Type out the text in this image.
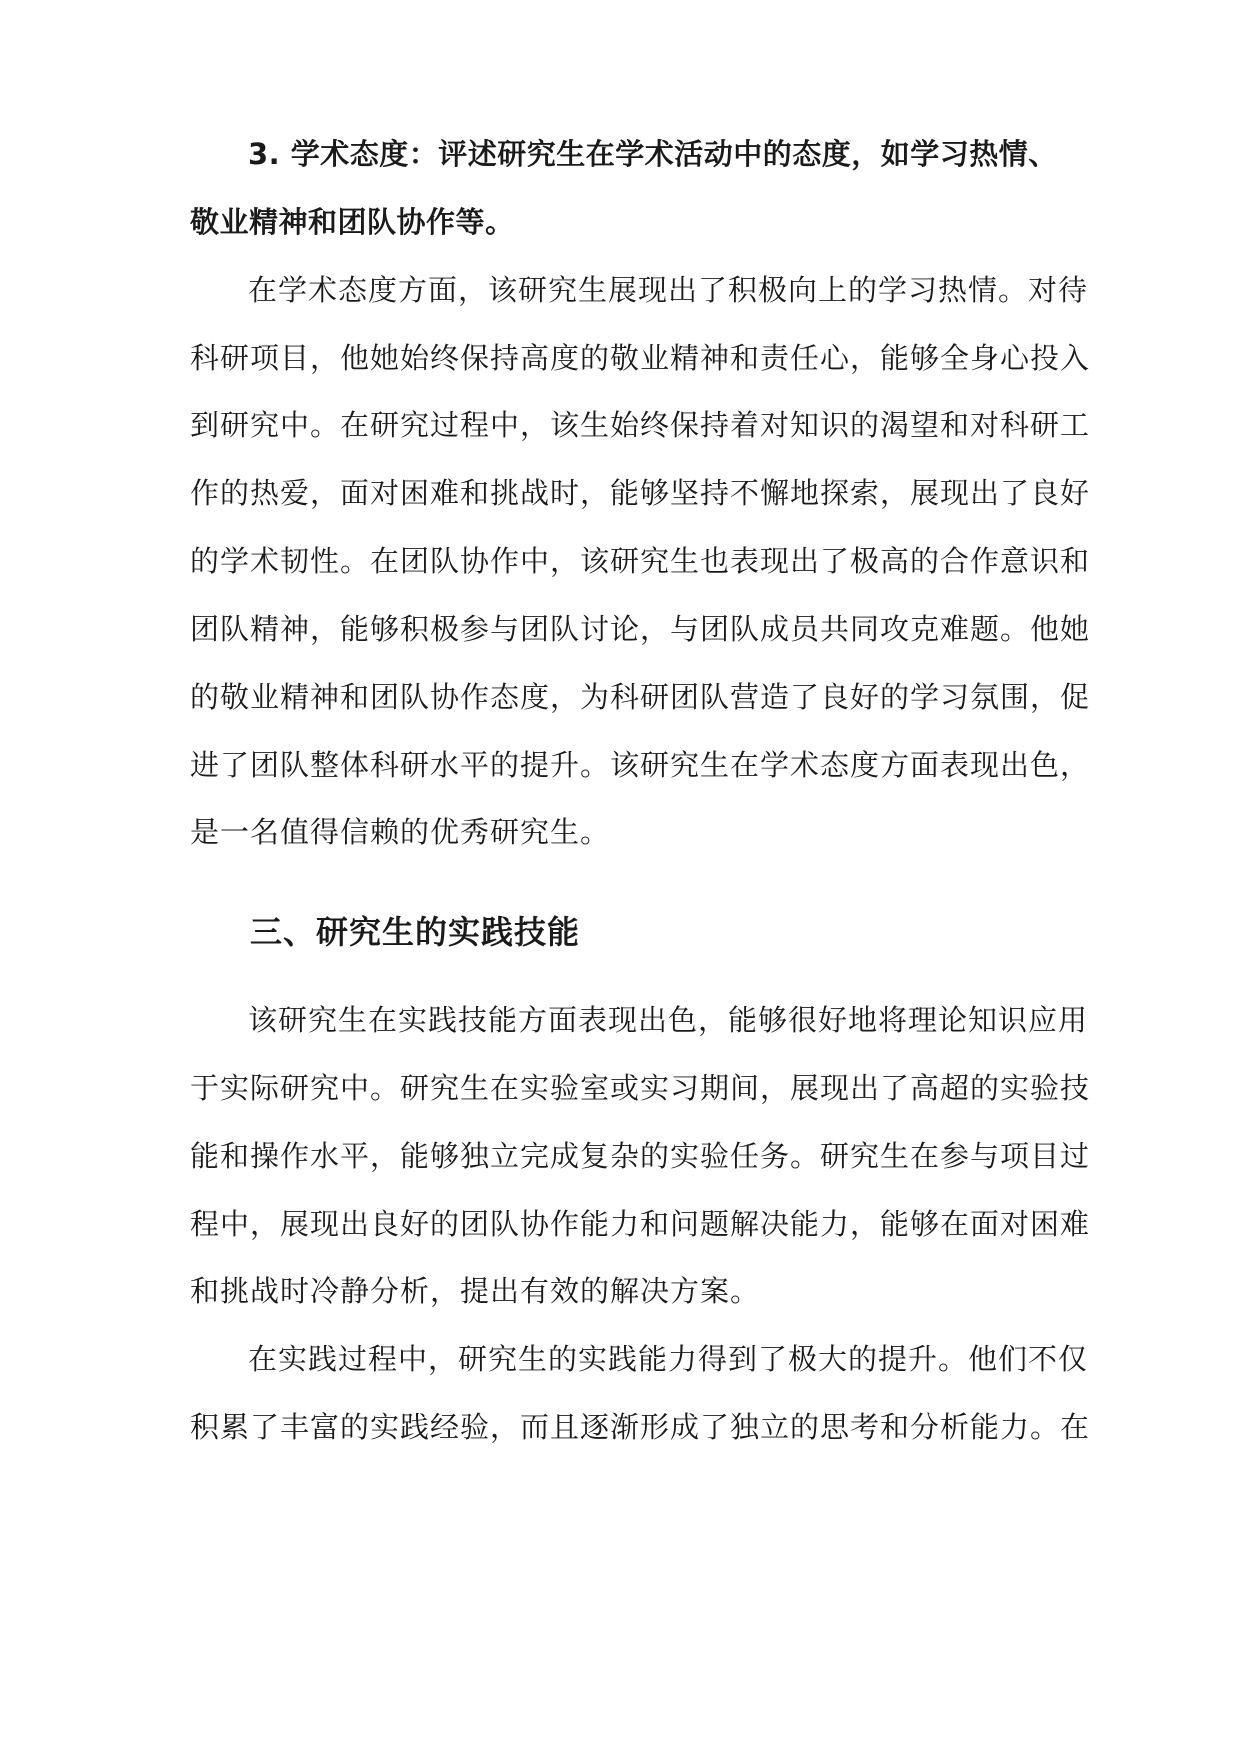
3. 学术态度：评述研究生在学术活动中的态度，如学习热情、
敬业精神和团队协作等。
在学术态度方面，该研究生展现出了积极向上的学习热情。对待
科研项目，他她始终保持高度的敬业精神和责任心，能够全身心投入
到研究中。在研究过程中，该生始终保持着对知识的渴望和对科研工
作的热爱，面对困难和挑战时，能够坚持不懈地探索，展现出了良好
的学术韧性。在团队协作中，该研究生也表现出了极高的合作意识和
团队精神，能够积极参与团队讨论，与团队成员共同攻克难题。他她
的敬业精神和团队协作态度，为科研团队营造了良好的学习氛围，促
进了团队整体科研水平的提升。该研究生在学术态度方面表现出色，
是一名值得信赖的优秀研究生。
三、研究生的实践技能
该研究生在实践技能方面表现出色，能够很好地将理论知识应用
于实际研究中。研究生在实验室或实习期间，展现出了高超的实验技
能和操作水平，能够独立完成复杂的实验任务。研究生在参与项目过
程中，展现出良好的团队协作能力和问题解决能力，能够在面对困难
和挑战时冷静分析，提出有效的解决方案。
在实践过程中，研究生的实践能力得到了极大的提升。他们不仅
积累了丰富的实践经验，而且逐渐形成了独立的思考和分析能力。在
